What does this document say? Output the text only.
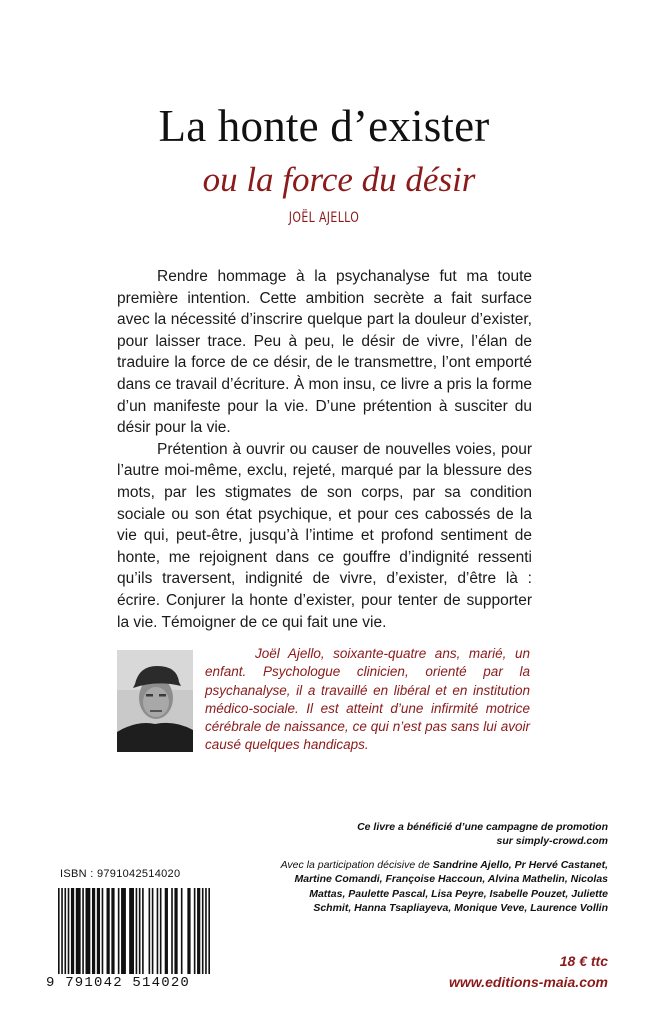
La honte d’exister
ou la force du désir
JOËL AJELLO

Rendre hommage à la psychanalyse fut ma toute première intention. Cette ambition secrète a fait surface avec la nécessité d’inscrire quelque part la douleur d’exister, pour laisser trace. Peu à peu, le désir de vivre, l’élan de traduire la force de ce désir, de le transmettre, l’ont emporté dans ce travail d’écriture. À mon insu, ce livre a pris la forme d’un manifeste pour la vie. D’une prétention à susciter du désir pour la vie.

Prétention à ouvrir ou causer de nouvelles voies, pour l’autre moi-même, exclu, rejeté, marqué par la blessure des mots, par les stigmates de son corps, par sa condition sociale ou son état psychique, et pour ces cabossés de la vie qui, peut-être, jusqu’à l’intime et profond sentiment de honte, me rejoignent dans ce gouffre d’indignité ressenti qu’ils traversent, indignité de vivre, d’exister, d’être là : écrire. Conjurer la honte d’exister, pour tenter de supporter la vie. Témoigner de ce qui fait une vie.

Joël Ajello, soixante-quatre ans, marié, un enfant. Psychologue clinicien, orienté par la psychanalyse, il a travaillé en libéral et en institution médico-sociale. Il est atteint d’une infirmité motrice cérébrale de naissance, ce qui n’est pas sans lui avoir causé quelques handicaps.

Ce livre a bénéficié d’une campagne de promotion
sur simply-crowd.com
Avec la participation décisive de Sandrine Ajello, Pr Hervé Castanet, Martine Comandi, Françoise Haccoun, Alvina Mathelin, Nicolas Mattas, Paulette Pascal, Lisa Peyre, Isabelle Pouzet, Juliette Schmit, Hanna Tsapliayeva, Monique Veve, Laurence Vollin
ISBN : 9791042514020
9 791042 514020
18 € ttc
www.editions-maia.com
